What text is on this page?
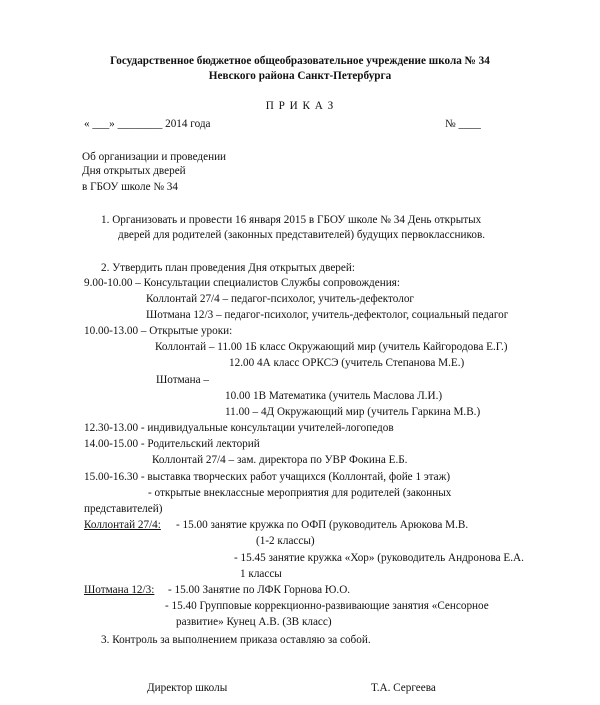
Государственное бюджетное общеобразовательное учреждение школа № 34
Невского района Санкт-Петербурга
П Р И К А З
« ___» ________ 2014 года	№ ____
Об организации и проведении
Дня открытых дверей
в ГБОУ школе № 34
1. Организовать и провести 16 января 2015 в ГБОУ школе № 34 День открытых
дверей для родителей (законных представителей) будущих первоклассников.
2. Утвердить план проведения Дня открытых дверей:
9.00-10.00 – Консультации специалистов Службы сопровождения:
Коллонтай 27/4 – педагог-психолог, учитель-дефектолог
Шотмана 12/3 – педагог-психолог, учитель-дефектолог, социальный педагог
10.00-13.00 – Открытые уроки:
Коллонтай – 11.00 1Б класс Окружающий мир (учитель Кайгородова Е.Г.)
12.00 4А класс ОРКСЭ (учитель Степанова М.Е.)
Шотмана –
10.00 1В Математика (учитель Маслова Л.И.)
11.00 – 4Д Окружающий мир (учитель Гаркина М.В.)
12.30-13.00 - индивидуальные консультации учителей-логопедов
14.00-15.00 - Родительский лекторий
Коллонтай 27/4 – зам. директора по УВР Фокина Е.Б.
15.00-16.30 - выставка творческих работ учащихся (Коллонтай, фойе 1 этаж)
- открытые внеклассные мероприятия для родителей (законных
представителей)
Коллонтай 27/4: - 15.00 занятие кружка по ОФП (руководитель Арюкова М.В.
(1-2 классы)
- 15.45 занятие кружка «Хор» (руководитель Андронова Е.А.
1 классы
Шотмана 12/3: - 15.00 Занятие по ЛФК Горнова Ю.О.
- 15.40 Групповые коррекционно-развивающие занятия «Сенсорное
развитие» Кунец А.В. (3В класс)
3. Контроль за выполнением приказа оставляю за собой.
Директор школы	Т.А. Сергеева
